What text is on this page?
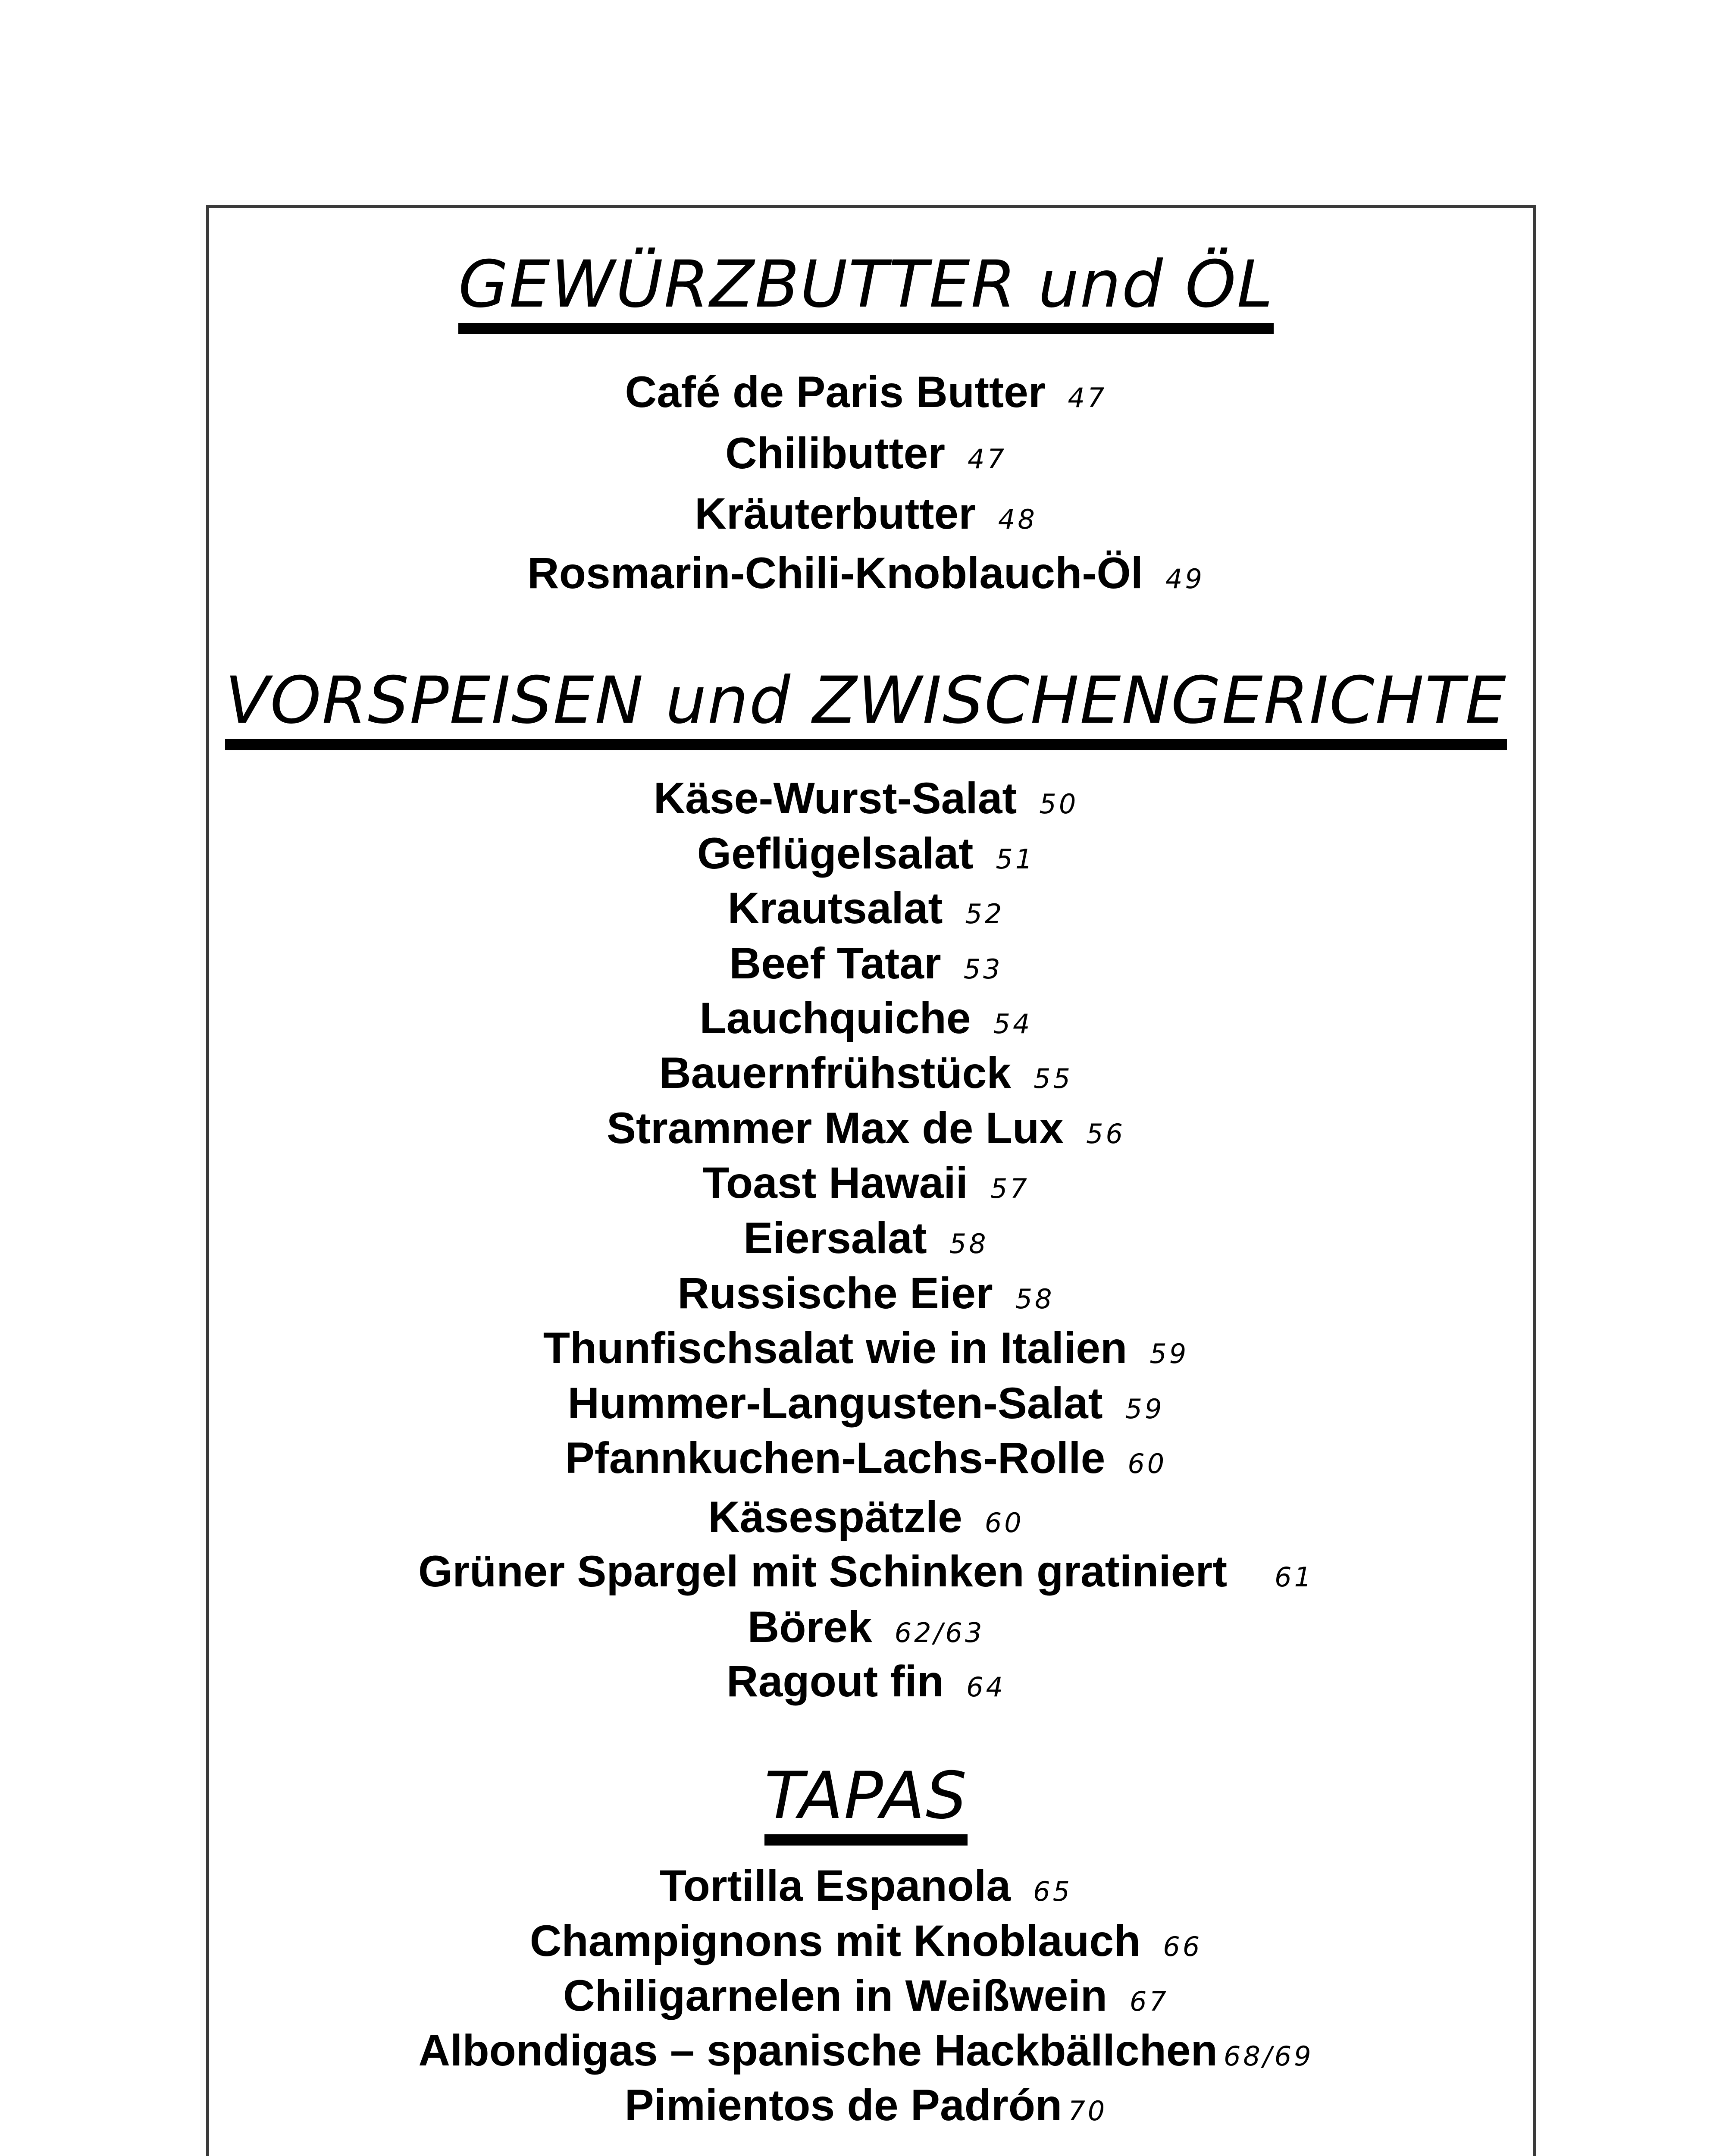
GEWÜRZBUTTER und ÖL
Café de Paris Butter 47
Chilibutter 47
Kräuterbutter 48
Rosmarin-Chili-Knoblauch-Öl 49
VORSPEISEN und ZWISCHENGERICHTE
Käse-Wurst-Salat 50
Geflügelsalat 51
Krautsalat 52
Beef Tatar 53
Lauchquiche 54
Bauernfrühstück 55
Strammer Max de Lux 56
Toast Hawaii 57
Eiersalat 58
Russische Eier 58
Thunfischsalat wie in Italien 59
Hummer-Langusten-Salat 59
Pfannkuchen-Lachs-Rolle 60
Käsespätzle 60
Grüner Spargel mit Schinken gratiniert 61
Börek 62/63
Ragout fin 64
TAPAS
Tortilla Espanola 65
Champignons mit Knoblauch 66
Chiligarnelen in Weißwein 67
Albondigas – spanische Hackbällchen 68/69
Pimientos de Padrón 70
